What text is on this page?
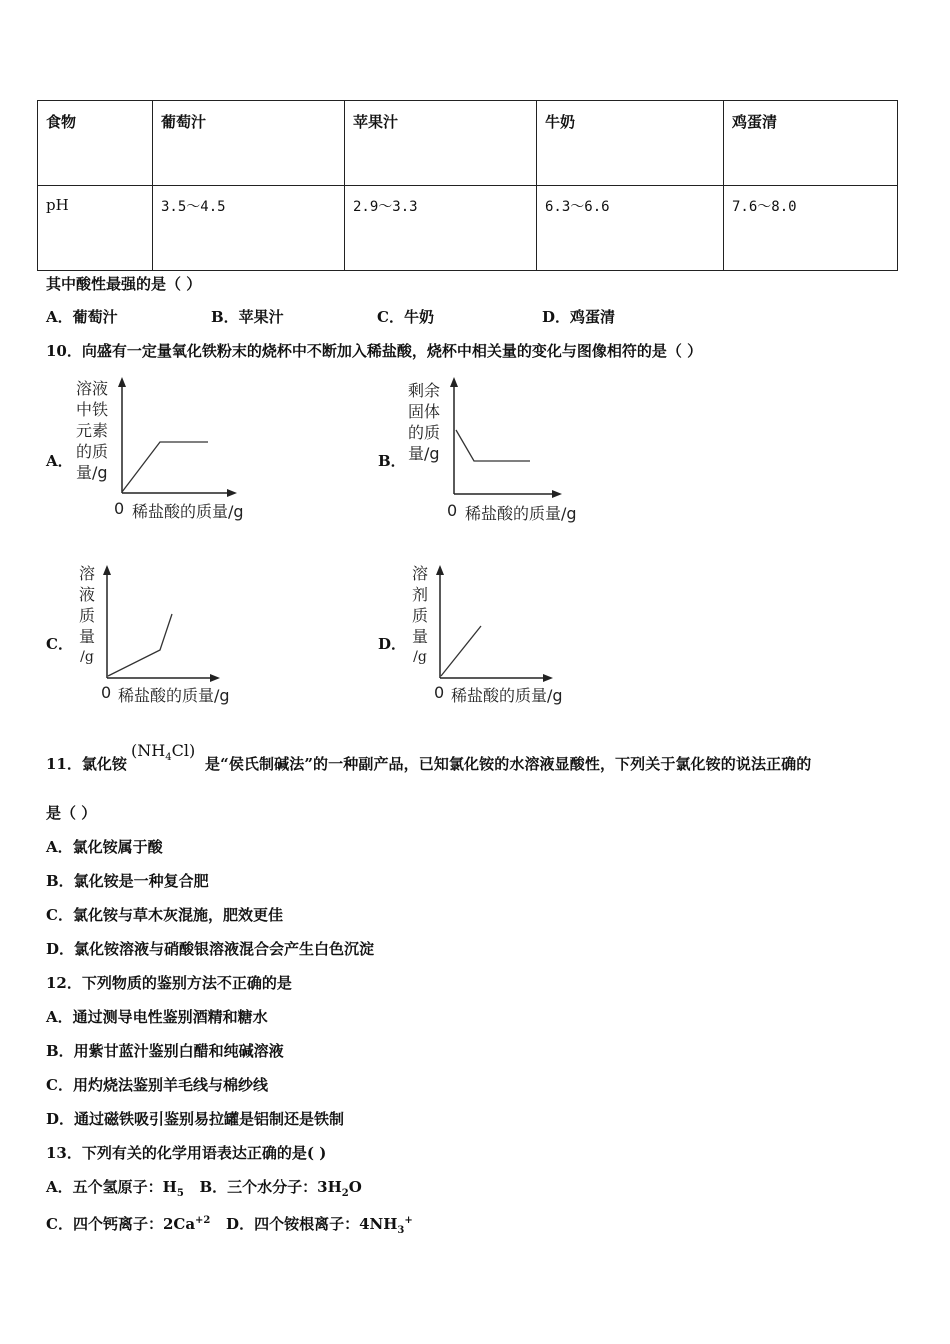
食物	葡萄汁	苹果汁	牛奶	鸡蛋清
pH	3.5～4.5	2.9～3.3	6.3～6.6	7.6～8.0
其中酸性最强的是（ ）
A．葡萄汁	B．苹果汁	C．牛奶	D．鸡蛋清
10．向盛有一定量氧化铁粉末的烧杯中不断加入稀盐酸，烧杯中相关量的变化与图像相符的是（ ）
A．
溶液
中铁
元素
的质
量/g
0 稀盐酸的质量/g
B．
剩余
固体
的质
量/g
0 稀盐酸的质量/g
C．
溶
液
质
量
/g
0 稀盐酸的质量/g
D．
溶
剂
质
量
/g
0 稀盐酸的质量/g
11．氯化铵
$(NH_4Cl)$
是“侯氏制碱法”的一种副产品，已知氯化铵的水溶液显酸性，下列关于氯化铵的说法正确的
是（ ）
A．氯化铵属于酸
B．氯化铵是一种复合肥
C．氯化铵与草木灰混施，肥效更佳
D．氯化铵溶液与硝酸银溶液混合会产生白色沉淀
12．下列物质的鉴别方法不正确的是
A．通过测导电性鉴别酒精和糖水
B．用紫甘蓝汁鉴别白醋和纯碱溶液
C．用灼烧法鉴别羊毛线与棉纱线
D．通过磁铁吸引鉴别易拉罐是铝制还是铁制
13．下列有关的化学用语表达正确的是( )
A．五个氢原子：$H_5$   B．三个水分子：$3H_2O$
C．四个钙离子：$2Ca^{+2}$   D．四个铵根离子：$4NH_3^+$
